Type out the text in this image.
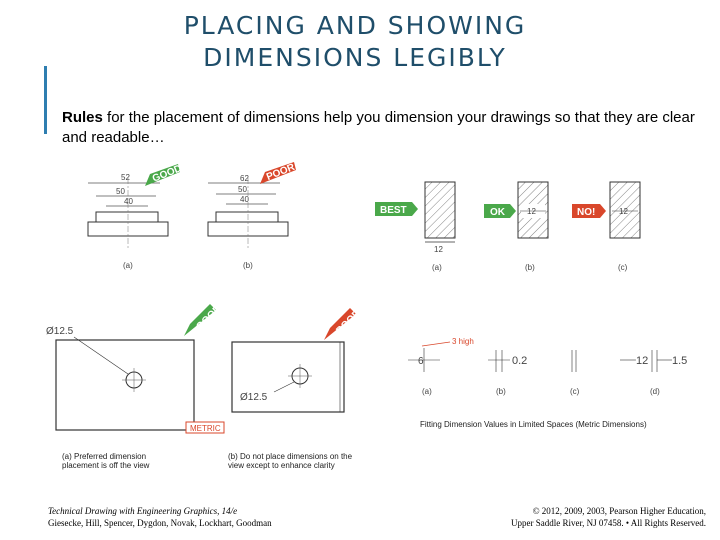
PLACING AND SHOWING
DIMENSIONS LEGIBLY
Rules for the placement of dimensions help you dimension your drawings so that they are clear and readable…
52
50
40
(a)
62
50
40
(b)
GOOD	POOR
12
(a)
BEST	12
(b)
OK	12
(c)
NO!
Ø12.5
Ø12.5
METRIC
GOOD	POOR
(a) Preferred dimension
placement is off the view
(b) Do not place dimensions on the
view except to enhance clarity
6
3 high
(a)
0.2
(b)	(c)
12 1.5
(d)
Fitting Dimension Values in Limited Spaces (Metric Dimensions)
Technical Drawing with Engineering Graphics, 14/e
Giesecke, Hill, Spencer, Dygdon, Novak, Lockhart, Goodman
© 2012, 2009, 2003, Pearson Higher Education,
Upper Saddle River, NJ 07458. • All Rights Reserved.
